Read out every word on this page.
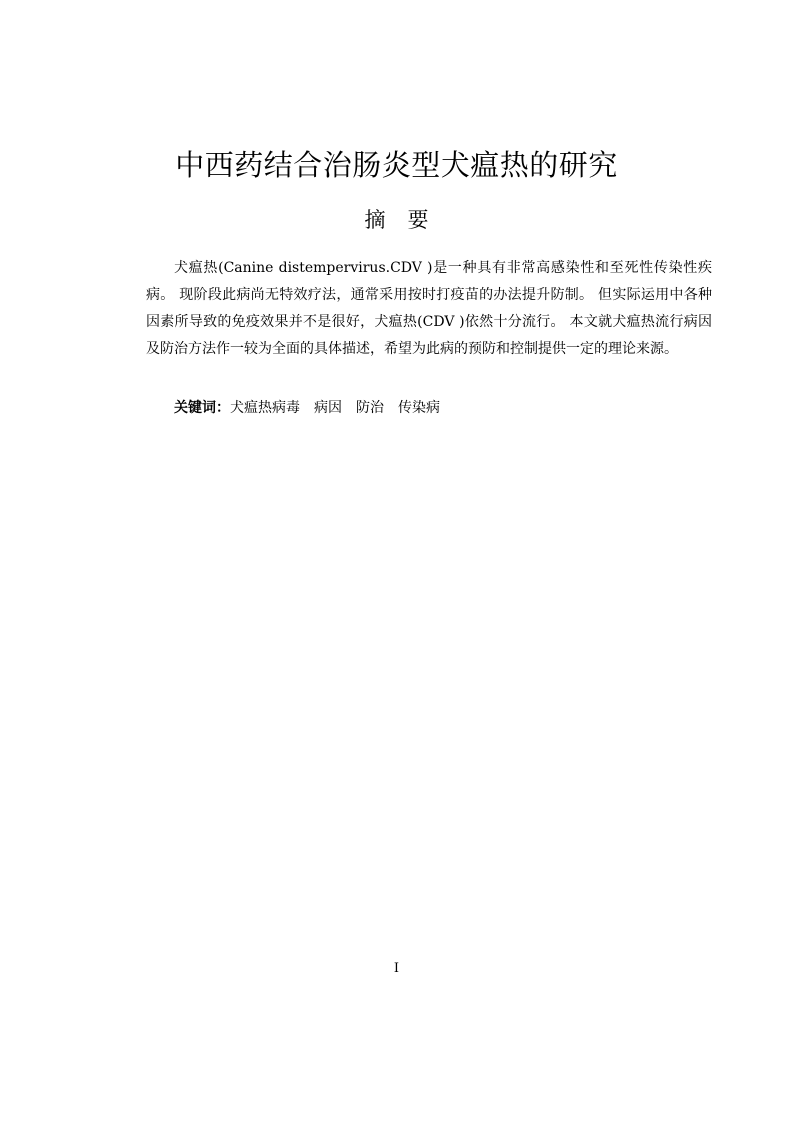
中西药结合治肠炎型犬瘟热的研究
摘 要

犬瘟热(Canine distempervirus.CDV )是一种具有非常高感染性和至死性传染性疾病。 现阶段此病尚无特效疗法，通常采用按时打疫苗的办法提升防制。 但实际运用中各种因素所导致的免疫效果并不是很好，犬瘟热(CDV )依然十分流行。 本文就犬瘟热流行病因及防治方法作一较为全面的具体描述，希望为此病的预防和控制提供一定的理论来源。

关键词：犬瘟热病毒　病因　防治　传染病
I
